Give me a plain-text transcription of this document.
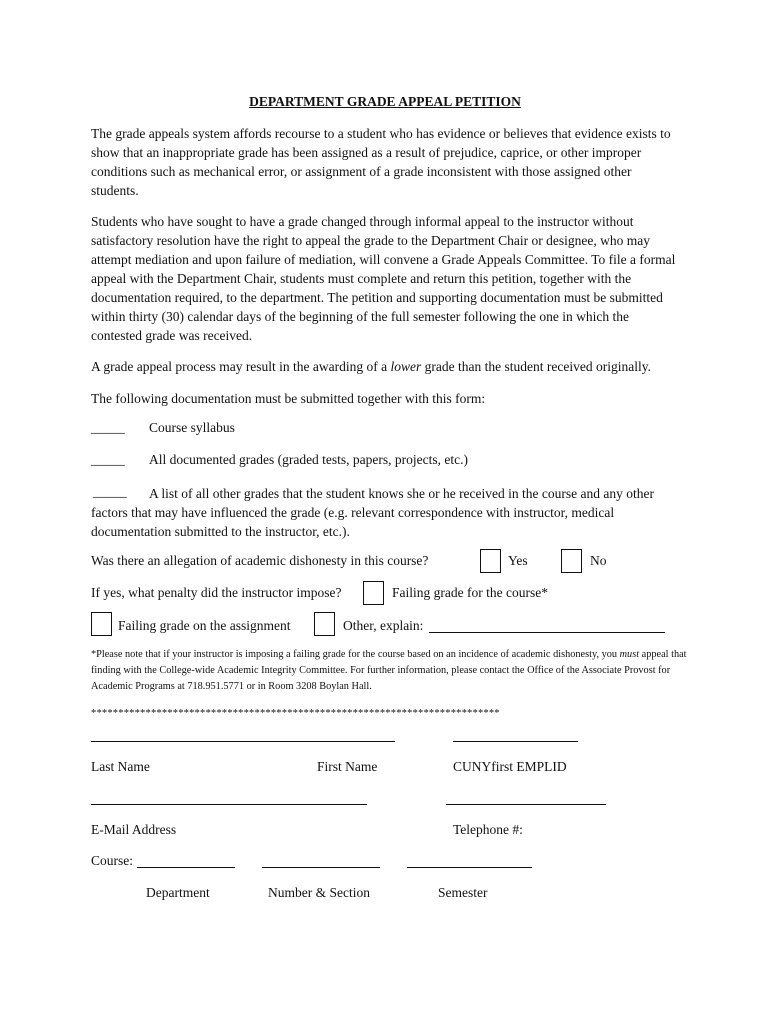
DEPARTMENT GRADE APPEAL PETITION
The grade appeals system affords recourse to a student who has evidence or believes that evidence exists to show that an inappropriate grade has been assigned as a result of prejudice, caprice, or other improper conditions such as mechanical error, or assignment of a grade inconsistent with those assigned other students.
Students who have sought to have a grade changed through informal appeal to the instructor without satisfactory resolution have the right to appeal the grade to the Department Chair or designee, who may attempt mediation and upon failure of mediation, will convene a Grade Appeals Committee. To file a formal appeal with the Department Chair, students must complete and return this petition, together with the documentation required, to the department. The petition and supporting documentation must be submitted within thirty (30) calendar days of the beginning of the full semester following the one in which the contested grade was received.
A grade appeal process may result in the awarding of a lower grade than the student received originally.
The following documentation must be submitted together with this form:
_____ Course syllabus
_____ All documented grades (graded tests, papers, projects, etc.)
_____	A list of all other grades that the student knows she or he received in the course and any other factors that may have influenced the grade (e.g. relevant correspondence with instructor, medical documentation submitted to the instructor, etc.).
Was there an allegation of academic dishonesty in this course?	Yes	No
If yes, what penalty did the instructor impose?	Failing grade for the course*
Failing grade on the assignment	Other, explain:
*Please note that if your instructor is imposing a failing grade for the course based on an incidence of academic dishonesty, you must appeal that finding with the College-wide Academic Integrity Committee. For further information, please contact the Office of the Associate Provost for Academic Programs at 718.951.5771 or in Room 3208 Boylan Hall.
***************************************************************************
Last Name	First Name	CUNYfirst EMPLID
E-Mail Address	Telephone #:
Course:
Department	Number & Section	Semester
